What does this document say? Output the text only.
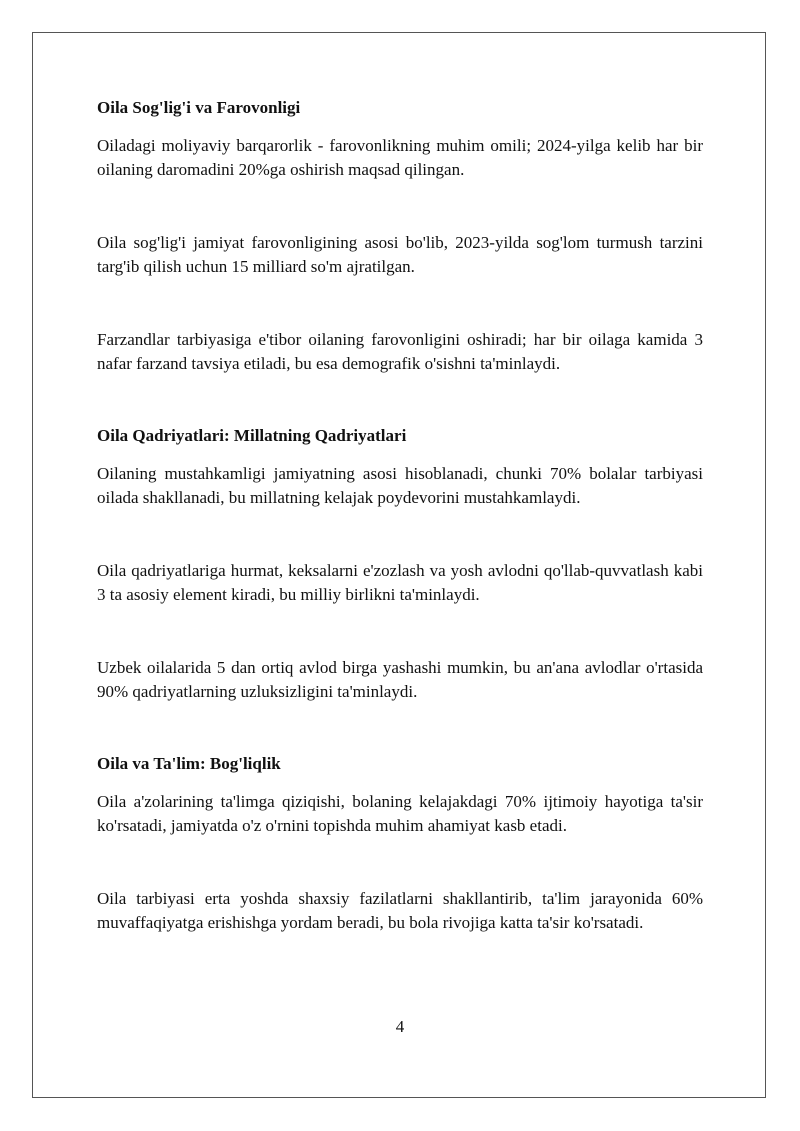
Oila Sog'lig'i va Farovonligi

Oiladagi moliyaviy barqarorlik - farovonlikning muhim omili; 2024-yilga kelib har bir oilaning daromadini 20%ga oshirish maqsad qilingan.

Oila sog'lig'i jamiyat farovonligining asosi bo'lib, 2023-yilda sog'lom turmush tarzini targ'ib qilish uchun 15 milliard so'm ajratilgan.

Farzandlar tarbiyasiga e'tibor oilaning farovonligini oshiradi; har bir oilaga kamida 3 nafar farzand tavsiya etiladi, bu esa demografik o'sishni ta'minlaydi.

Oila Qadriyatlari: Millatning Qadriyatlari

Oilaning mustahkamligi jamiyatning asosi hisoblanadi, chunki 70% bolalar tarbiyasi oilada shakllanadi, bu millatning kelajak poydevorini mustahkamlaydi.

Oila qadriyatlariga hurmat, keksalarni e'zozlash va yosh avlodni qo'llab-quvvatlash kabi 3 ta asosiy element kiradi, bu milliy birlikni ta'minlaydi.

Uzbek oilalarida 5 dan ortiq avlod birga yashashi mumkin, bu an'ana avlodlar o'rtasida 90% qadriyatlarning uzluksizligini ta'minlaydi.

Oila va Ta'lim: Bog'liqlik

Oila a'zolarining ta'limga qiziqishi, bolaning kelajakdagi 70% ijtimoiy hayotiga ta'sir ko'rsatadi, jamiyatda o'z o'rnini topishda muhim ahamiyat kasb etadi.

Oila tarbiyasi erta yoshda shaxsiy fazilatlarni shakllantirib, ta'lim jarayonida 60% muvaffaqiyatga erishishga yordam beradi, bu bola rivojiga katta ta'sir ko'rsatadi.

4
